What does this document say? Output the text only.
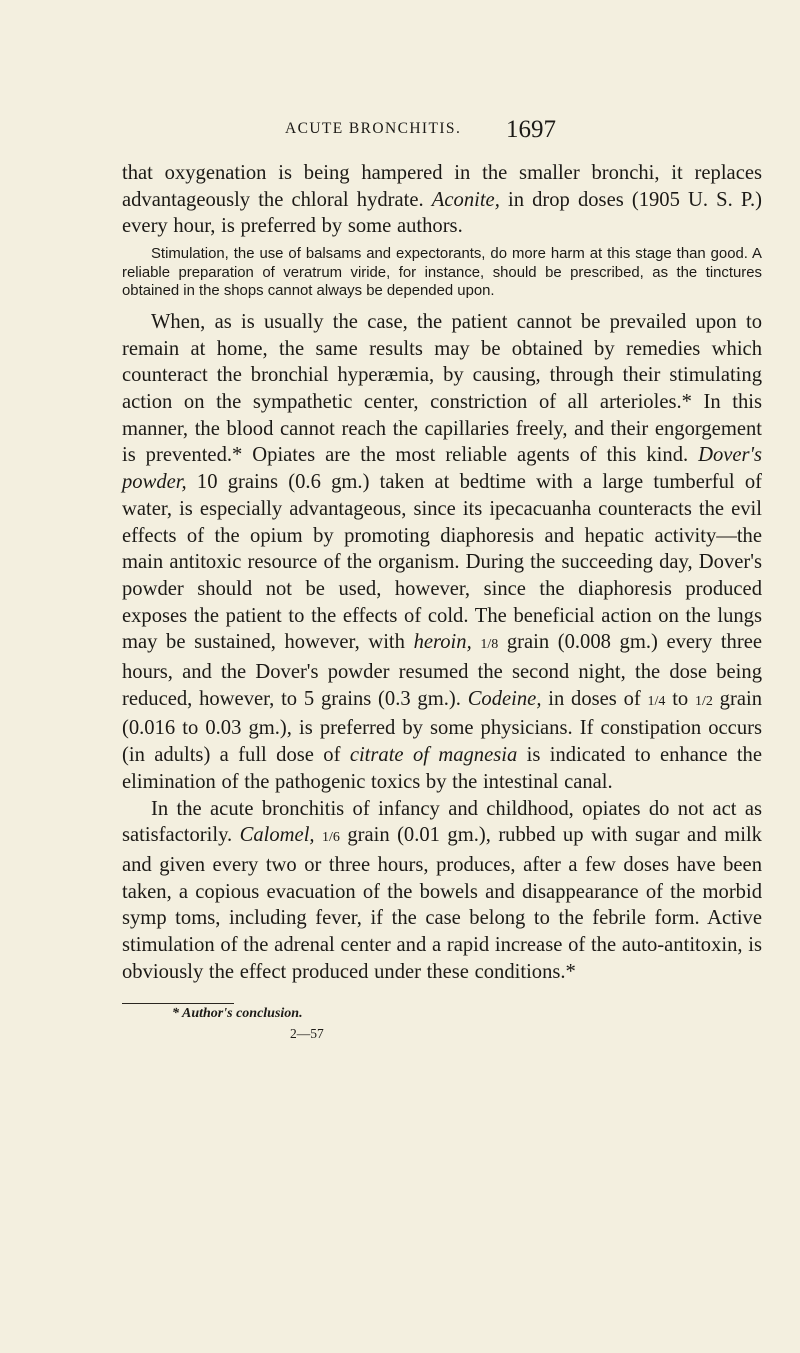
ACUTE BRONCHITIS. 1697

that oxygenation is being hampered in the smaller bronchi, it replaces advantageously the chloral hydrate. Aconite, in drop doses (1905 U. S. P.) every hour, is preferred by some authors.

Stimulation, the use of balsams and expectorants, do more harm at this stage than good. A reliable preparation of veratrum viride, for instance, should be prescribed, as the tinctures obtained in the shops cannot always be depended upon.

When, as is usually the case, the patient cannot be prevailed upon to remain at home, the same results may be obtained by remedies which counteract the bronchial hyperæmia, by causing, through their stimulating action on the sympathetic center, constriction of all arterioles.* In this manner, the blood cannot reach the capillaries freely, and their engorgement is prevented.* Opiates are the most reliable agents of this kind. Dover's powder, 10 grains (0.6 gm.) taken at bedtime with a large tumberful of water, is especially advantageous, since its ipecacuanha counteracts the evil effects of the opium by promoting diaphoresis and hepatic activity—the main antitoxic resource of the organism. During the succeeding day, Dover's powder should not be used, however, since the diaphoresis produced exposes the patient to the effects of cold. The beneficial action on the lungs may be sustained, however, with heroin, 1/8 grain (0.008 gm.) every three hours, and the Dover's powder resumed the second night, the dose being reduced, however, to 5 grains (0.3 gm.). Codeine, in doses of 1/4 to 1/2 grain (0.016 to 0.03 gm.), is preferred by some physicians. If constipation occurs (in adults) a full dose of citrate of magnesia is indicated to enhance the elimination of the pathogenic toxics by the intestinal canal.

In the acute bronchitis of infancy and childhood, opiates do not act as satisfactorily. Calomel, 1/6 grain (0.01 gm.), rubbed up with sugar and milk and given every two or three hours, produces, after a few doses have been taken, a copious evacuation of the bowels and disappearance of the morbid symp toms, including fever, if the case belong to the febrile form. Active stimulation of the adrenal center and a rapid increase of the auto-antitoxin, is obviously the effect produced under these conditions.*

* Author's conclusion.
2—57
